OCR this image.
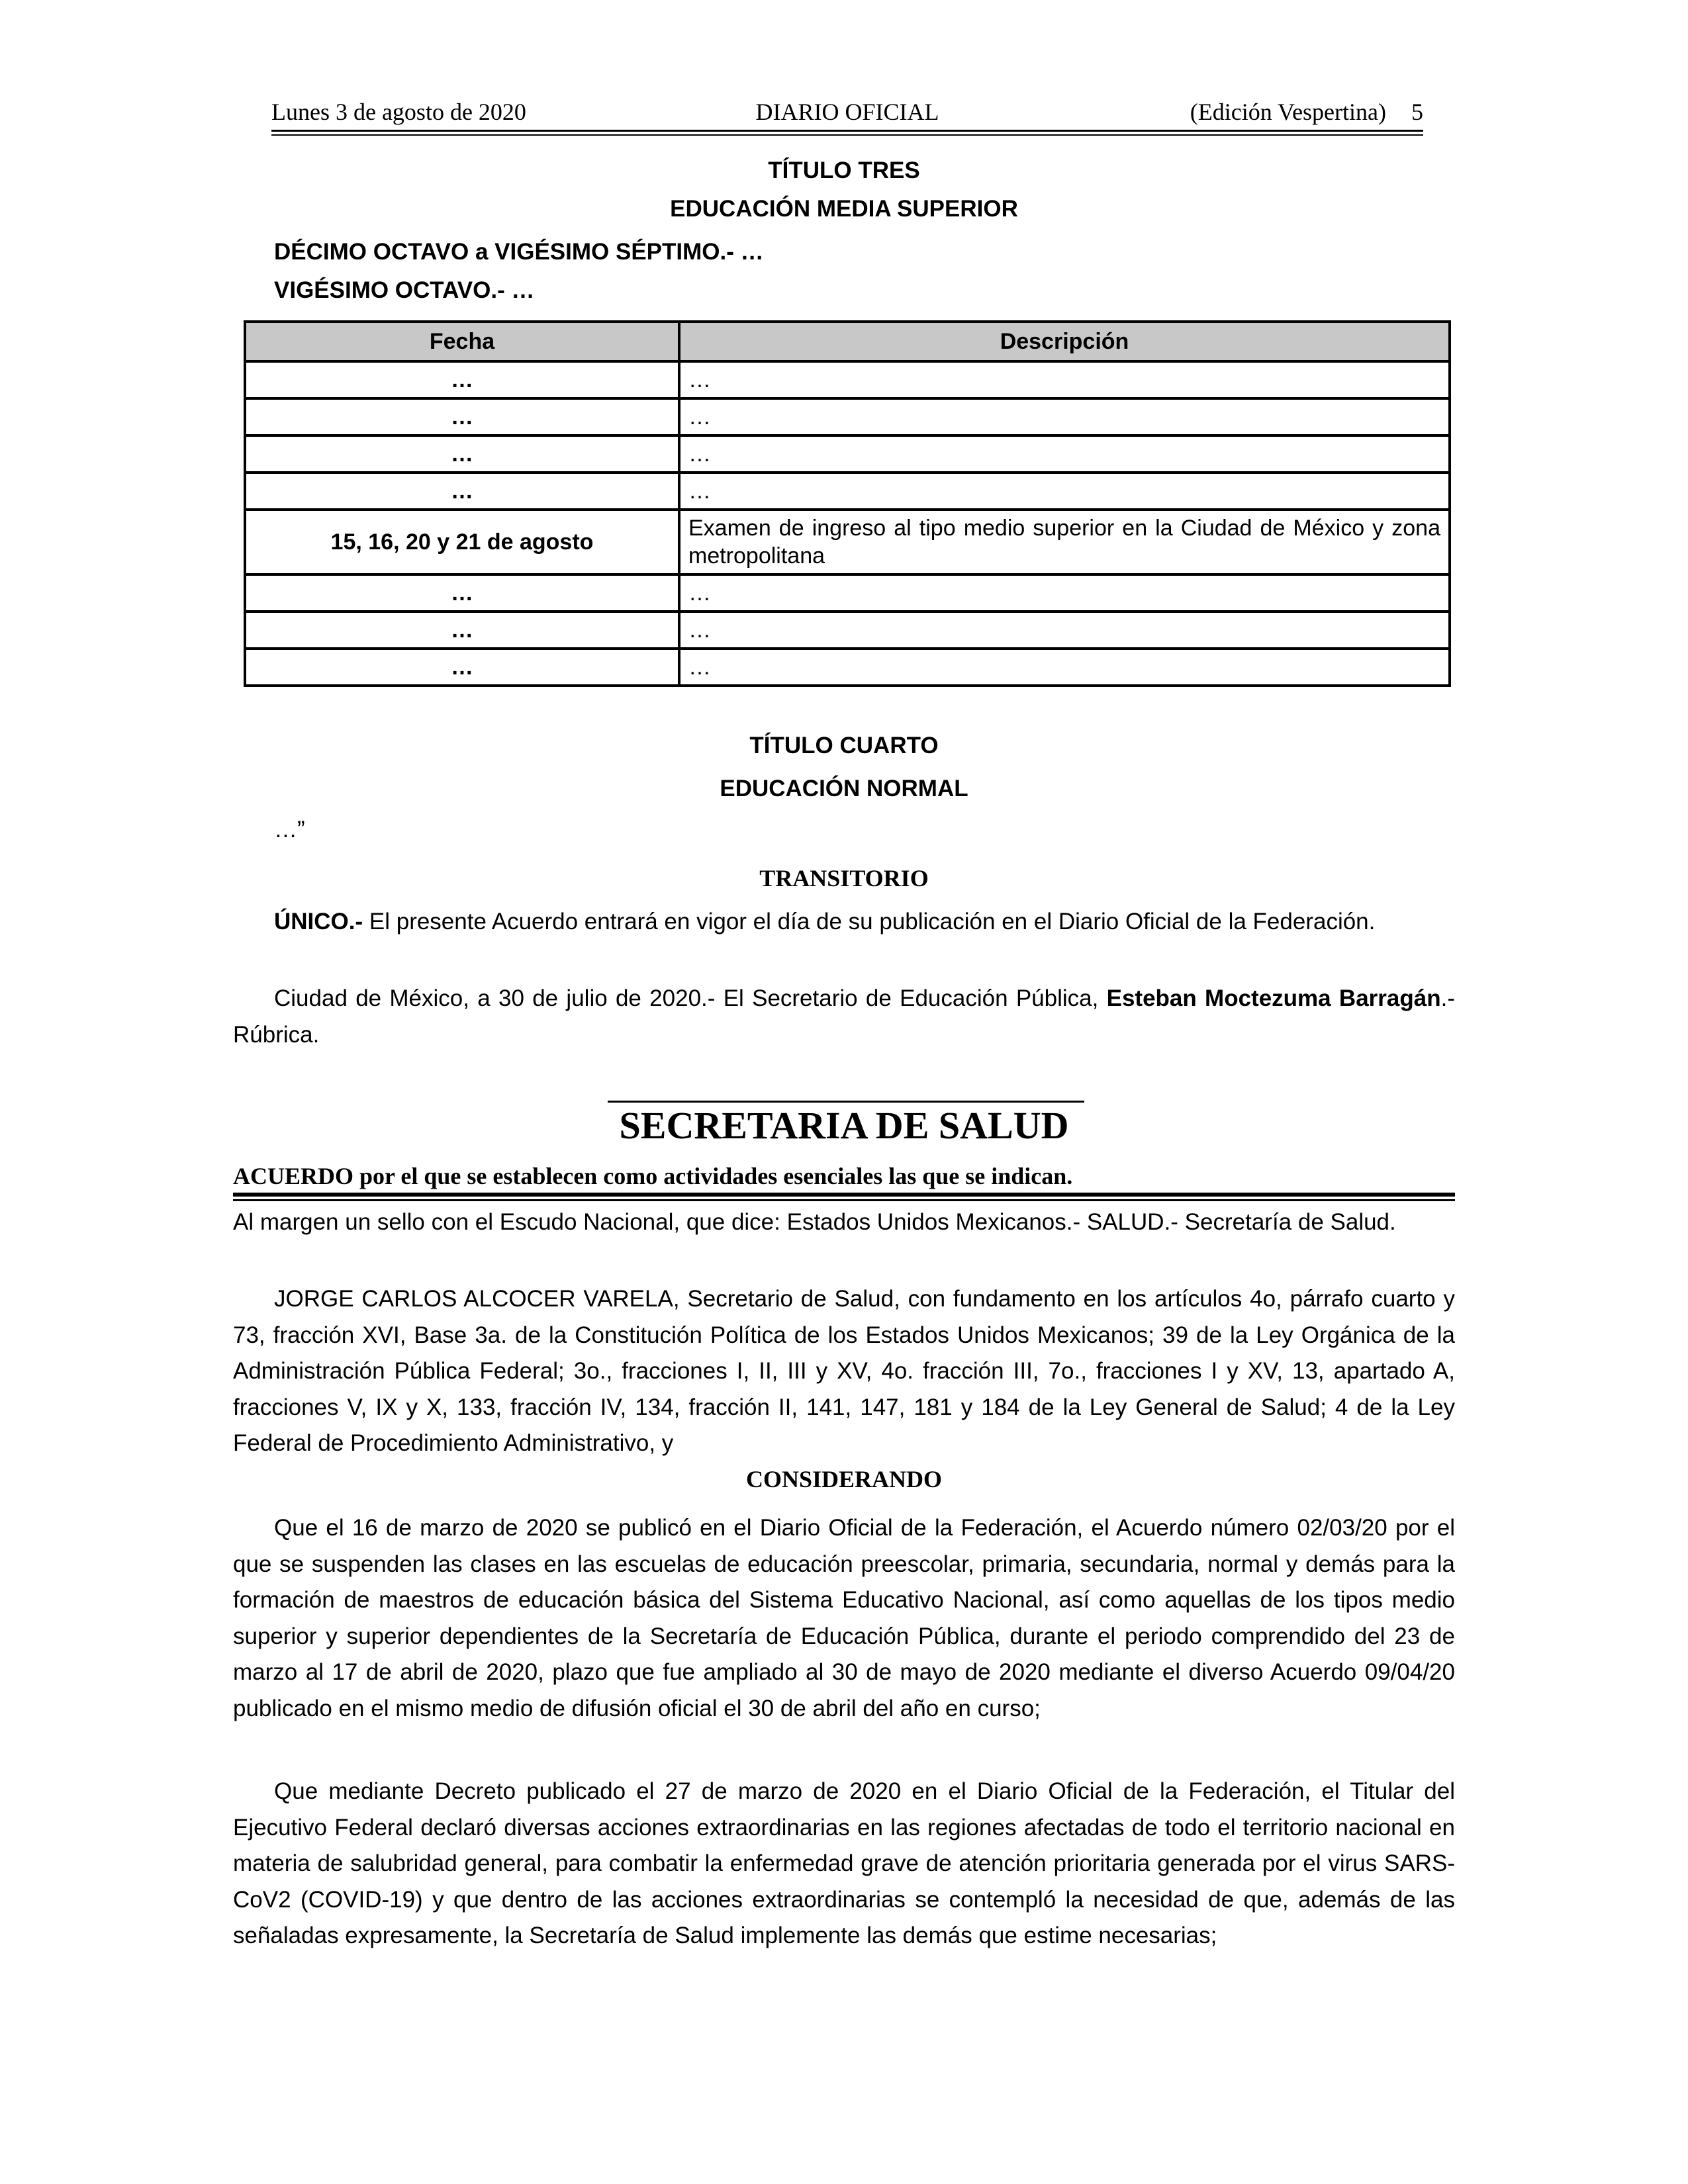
Lunes 3 de agosto de 2020	DIARIO OFICIAL	(Edición Vespertina) 5
TÍTULO TRES
EDUCACIÓN MEDIA SUPERIOR
DÉCIMO OCTAVO a VIGÉSIMO SÉPTIMO.- …
VIGÉSIMO OCTAVO.- …
Fecha	Descripción
…	…
…	…
…	…
…	…
15, 16, 20 y 21 de agosto	Examen de ingreso al tipo medio superior en la Ciudad de México y zona metropolitana
…	…
…	…
…	…
TÍTULO CUARTO
EDUCACIÓN NORMAL
…”
TRANSITORIO
ÚNICO.- El presente Acuerdo entrará en vigor el día de su publicación en el Diario Oficial de la Federación.
Ciudad de México, a 30 de julio de 2020.- El Secretario de Educación Pública, Esteban Moctezuma Barragán.- Rúbrica.
SECRETARIA DE SALUD
ACUERDO por el que se establecen como actividades esenciales las que se indican.
Al margen un sello con el Escudo Nacional, que dice: Estados Unidos Mexicanos.- SALUD.- Secretaría de Salud.
JORGE CARLOS ALCOCER VARELA, Secretario de Salud, con fundamento en los artículos 4o, párrafo cuarto y 73, fracción XVI, Base 3a. de la Constitución Política de los Estados Unidos Mexicanos; 39 de la Ley Orgánica de la Administración Pública Federal; 3o., fracciones I, II, III y XV, 4o. fracción III, 7o., fracciones I y XV, 13, apartado A, fracciones V, IX y X, 133, fracción IV, 134, fracción II, 141, 147, 181 y 184 de la Ley General de Salud; 4 de la Ley Federal de Procedimiento Administrativo, y
CONSIDERANDO
Que el 16 de marzo de 2020 se publicó en el Diario Oficial de la Federación, el Acuerdo número 02/03/20 por el que se suspenden las clases en las escuelas de educación preescolar, primaria, secundaria, normal y demás para la formación de maestros de educación básica del Sistema Educativo Nacional, así como aquellas de los tipos medio superior y superior dependientes de la Secretaría de Educación Pública, durante el periodo comprendido del 23 de marzo al 17 de abril de 2020, plazo que fue ampliado al 30 de mayo de 2020 mediante el diverso Acuerdo 09/04/20 publicado en el mismo medio de difusión oficial el 30 de abril del año en curso;
Que mediante Decreto publicado el 27 de marzo de 2020 en el Diario Oficial de la Federación, el Titular del Ejecutivo Federal declaró diversas acciones extraordinarias en las regiones afectadas de todo el territorio nacional en materia de salubridad general, para combatir la enfermedad grave de atención prioritaria generada por el virus SARS-CoV2 (COVID-19) y que dentro de las acciones extraordinarias se contempló la necesidad de que, además de las señaladas expresamente, la Secretaría de Salud implemente las demás que estime necesarias;
